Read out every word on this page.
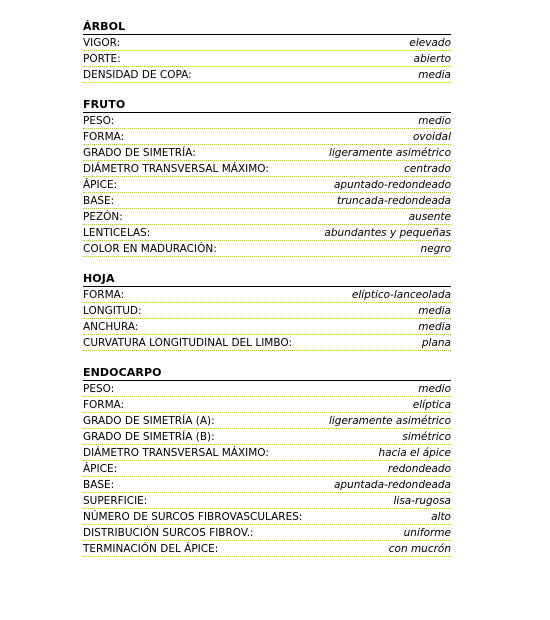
ÁRBOL
VIGOR:	elevado
PORTE:	abierto
DENSIDAD DE COPA:	media
FRUTO
PESO:	medio
FORMA:	ovoidal
GRADO DE SIMETRÍA:	ligeramente asimétrico
DIÁMETRO TRANSVERSAL MÁXIMO:	centrado
ÁPICE:	apuntado-redondeado
BASE:	truncada-redondeada
PEZÓN:	ausente
LENTICELAS:	abundantes y pequeñas
COLOR EN MADURACIÓN:	negro
HOJA
FORMA:	elíptico-lanceolada
LONGITUD:	media
ANCHURA:	media
CURVATURA LONGITUDINAL DEL LIMBO:	plana
ENDOCARPO
PESO:	medio
FORMA:	elíptica
GRADO DE SIMETRÍA (A):	ligeramente asimétrico
GRADO DE SIMETRÍA (B):	simétrico
DIÁMETRO TRANSVERSAL MÁXIMO:	hacia el ápice
ÁPICE:	redondeado
BASE:	apuntada-redondeada
SUPERFICIE:	lisa-rugosa
NÚMERO DE SURCOS FIBROVASCULARES:	alto
DISTRIBUCIÓN SURCOS FIBROV.:	uniforme
TERMINACIÓN DEL ÁPICE:	con mucrón
